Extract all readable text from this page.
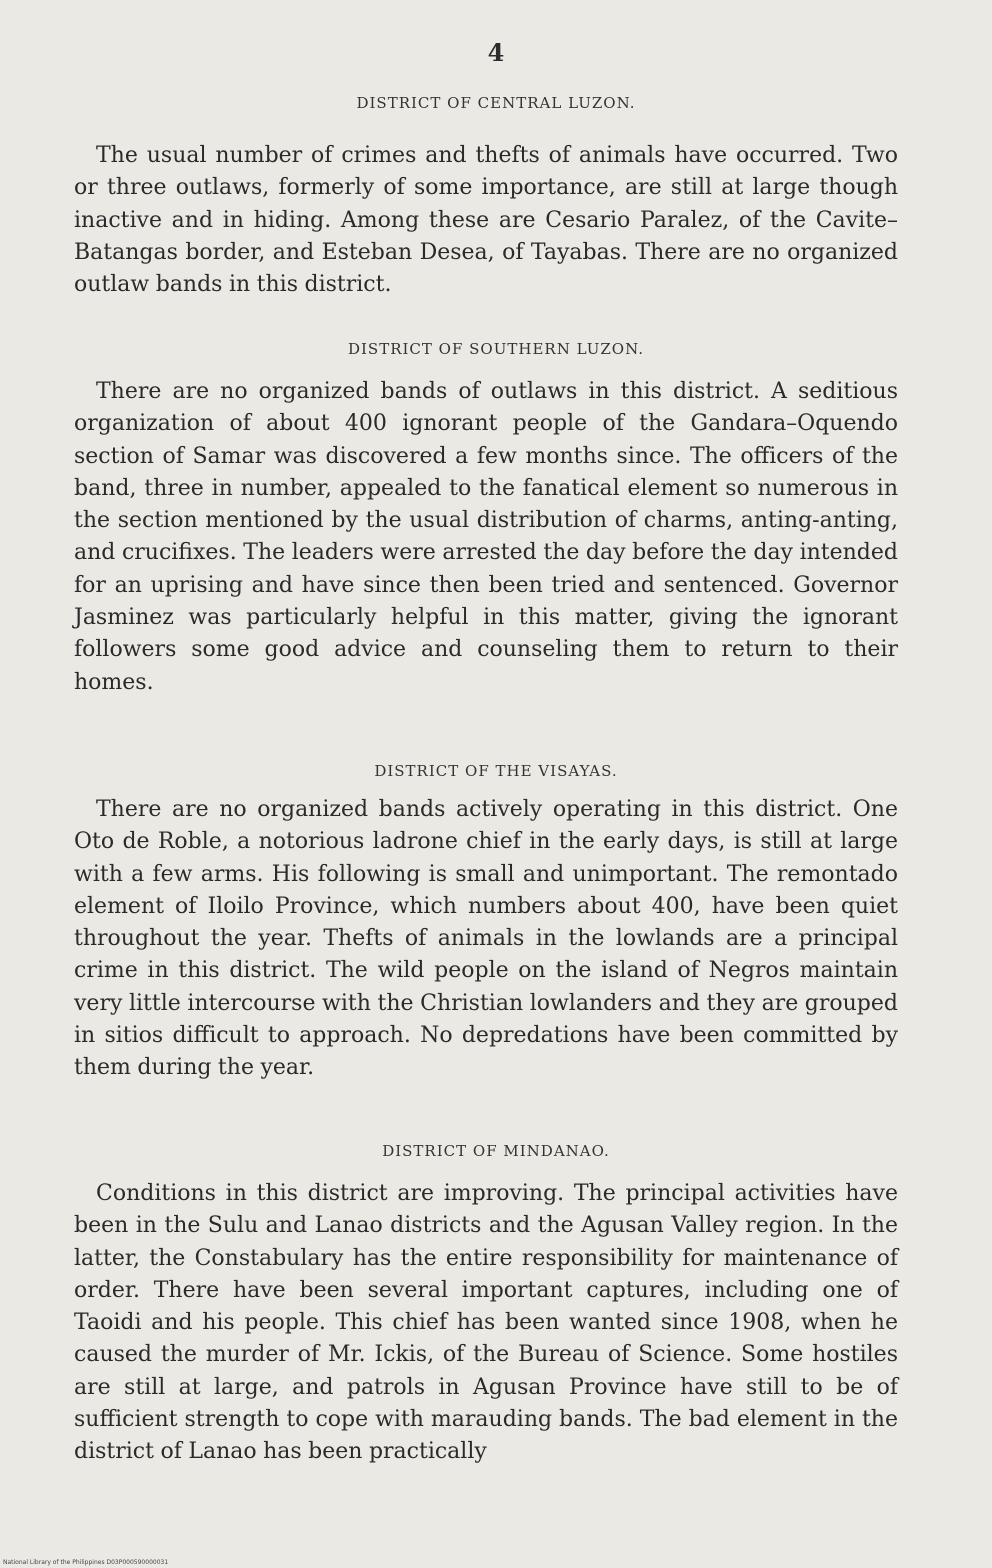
4
DISTRICT OF CENTRAL LUZON.
The usual number of crimes and thefts of animals have occurred. Two or three outlaws, formerly of some importance, are still at large though inactive and in hiding. Among these are Cesario Paralez, of the Cavite–Batangas border, and Esteban Desea, of Tayabas. There are no organized outlaw bands in this district.
DISTRICT OF SOUTHERN LUZON.
There are no organized bands of outlaws in this district. A seditious organization of about 400 ignorant people of the Gandara–Oquendo section of Samar was discovered a few months since. The officers of the band, three in number, appealed to the fanatical element so numerous in the section mentioned by the usual distribution of charms, anting-anting, and crucifixes. The leaders were arrested the day before the day intended for an uprising and have since then been tried and sentenced. Governor Jasminez was particularly helpful in this matter, giving the ignorant followers some good advice and counseling them to return to their homes.
DISTRICT OF THE VISAYAS.
There are no organized bands actively operating in this district. One Oto de Roble, a notorious ladrone chief in the early days, is still at large with a few arms. His following is small and unimportant. The remontado element of Iloilo Province, which numbers about 400, have been quiet throughout the year. Thefts of animals in the lowlands are a principal crime in this district. The wild people on the island of Negros maintain very little intercourse with the Christian lowlanders and they are grouped in sitios difficult to approach. No depredations have been committed by them during the year.
DISTRICT OF MINDANAO.
Conditions in this district are improving. The principal activities have been in the Sulu and Lanao districts and the Agusan Valley region. In the latter, the Constabulary has the entire responsibility for maintenance of order. There have been several important captures, including one of Taoidi and his people. This chief has been wanted since 1908, when he caused the murder of Mr. Ickis, of the Bureau of Science. Some hostiles are still at large, and patrols in Agusan Province have still to be of sufficient strength to cope with marauding bands. The bad element in the district of Lanao has been practically
National Library of the Philippines D03P000590000031
